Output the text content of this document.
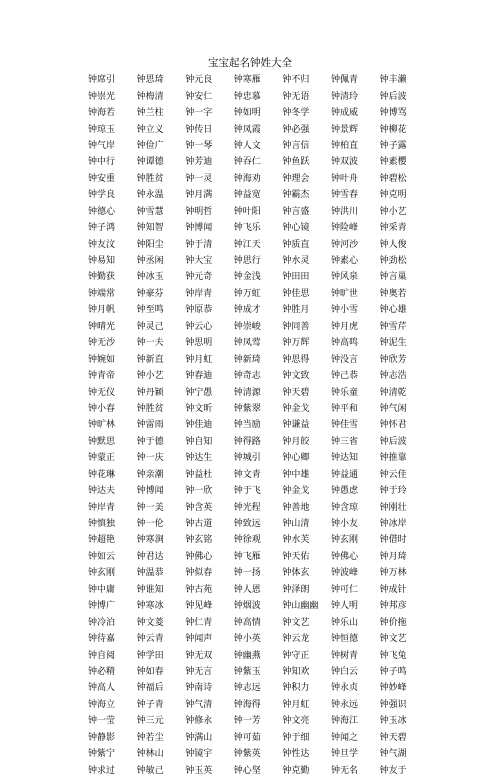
宝宝起名钟姓大全
钟席引	钟思琦	钟元良	钟寒雁	钟不归	钟佩青	钟丰濑
钟崇光	钟梅清	钟安仁	钟忠慕	钟无语	钟清玲	钟后波
钟海若	钟兰柱	钟一字	钟如明	钟冬学	钟成威	钟博骂
钟琼玉	钟立义	钟传日	钟凤霞	钟必强	钟景辉	钟柳花
钟气岸	钟俭广	钟一琴	钟人文	钟言信	钟柏直	钟子露
钟中行	钟谭德	钟芳迪	钟吞仁	钟鱼跃	钟双波	钟素樱
钟安重	钟胜贫	钟一灵	钟海劝	钟理会	钟叶舟	钟碧松
钟学良	钟永温	钟月满	钟益宽	钟霸杰	钟雪春	钟克明
钟德心	钟雪慧	钟明哲	钟叶阳	钟言盛	钟洪川	钟小艺
钟子鸿	钟知智	钟博闻	钟飞乐	钟心镜	钟险峰	钟采青
钟友汶	钟阳尘	钟于清	钟江天	钟质直	钟河沙	钟人俊
钟易知	钟丞闲	钟大宝	钟思行	钟水灵	钟素心	钟劲松
钟勤获	钟冰玉	钟元奇	钟金浅	钟田田	钟风泉	钟言巢
钟端常	钟豪芬	钟岸青	钟万虹	钟佳思	钟旷世	钟奥若
钟月帆	钟至鸣	钟原恭	钟成才	钟胜月	钟小雪	钟心雄
钟晴光	钟灵己	钟云心	钟崇峻	钟同善	钟月虎	钟雪芹
钟无沙	钟一夫	钟思明	钟凤莺	钟万辉	钟高鸣	钟泥生
钟婉如	钟新直	钟月虹	钟新琦	钟思得	钟没言	钟欣芳
钟青帝	钟小艺	钟春迪	钟奇志	钟文致	钟己恭	钟志浩
钟无仪	钟丹颖	钟宁愚	钟清源	钟天碧	钟乐童	钟清乾
钟小春	钟胜贫	钟文昕	钟紫翠	钟金戈	钟平和	钟气闲
钟旷林	钟雷雨	钟佳迪	钟当励	钟谦益	钟佳雪	钟怀君
钟默思	钟于德	钟自知	钟得路	钟月皎	钟三省	钟后波
钟蒙正	钟一庆	钟达生	钟城引	钟心卿	钟达知	钟推靠
钟花琳	钟亲潮	钟益杜	钟文青	钟中雄	钟益通	钟云佳
钟达夫	钟博闻	钟一欣	钟于飞	钟金戈	钟愚虑	钟于玲
钟岸青	钟一美	钟含英	钟光程	钟善地	钟含琼	钟刚壮
钟慎独	钟一伦	钟古道	钟致远	钟山清	钟小友	钟冰岸
钟超艳	钟寒涧	钟玄铭	钟徐观	钟水芙	钟玄刚	钟借时
钟如云	钟君达	钟佛心	钟飞雁	钟天佑	钟佛心	钟月琦
钟玄刚	钟温恭	钟似春	钟一扬	钟体玄	钟波峰	钟万林
钟中庸	钟谁知	钟古苑	钟人恩	钟泽朗	钟可仁	钟成针
钟博广	钟寒冰	钟见峰	钟烟波	钟山幽幽	钟人明	钟邦彦
钟冷泊	钟文菱	钟仁青	钟高情	钟文艺	钟乐山	钟价拖
钟待嘉	钟云青	钟闻声	钟小英	钟云龙	钟恒德	钟文艺
钟自阅	钟学田	钟无双	钟幽燕	钟守正	钟树青	钟飞兔
钟必精	钟如春	钟无言	钟紫玉	钟知欢	钟白云	钟子鸣
钟高人	钟福后	钟南诗	钟志远	钟积力	钟永贞	钟妙峰
钟海立	钟子青	钟气清	钟海得	钟月虹	钟永远	钟强识
钟一莹	钟三元	钟修永	钟一芳	钟文亮	钟海江	钟玉冰
钟静影	钟若尘	钟满山	钟可茹	钟于细	钟闻之	钟天碧
钟紫宁	钟林山	钟镜宇	钟紫英	钟性达	钟旦学	钟气湖
钟求过	钟敏己	钟玉英	钟心坚	钟克勤	钟无名	钟友于
